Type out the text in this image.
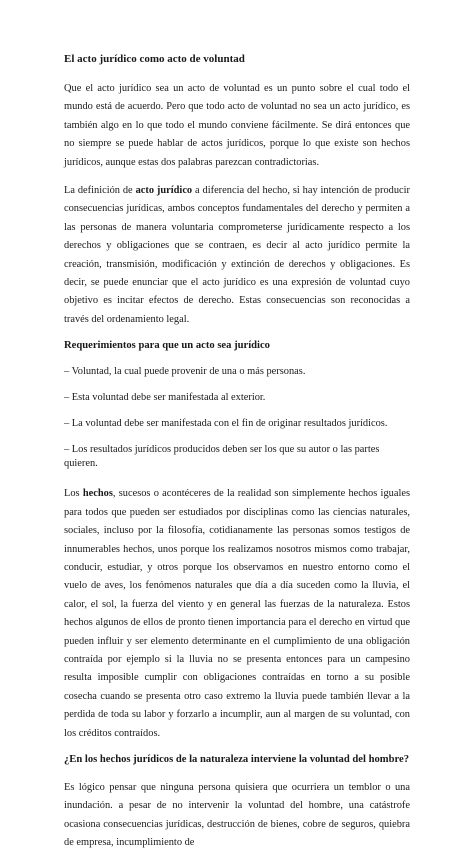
El acto jurídico como acto de voluntad
Que el acto jurídico sea un acto de voluntad es un punto sobre el cual todo el mundo está de acuerdo. Pero que todo acto de voluntad no sea un acto jurídico, es también algo en lo que todo el mundo conviene fácilmente. Se dirá entonces que no siempre se puede hablar de actos jurídicos, porque lo que existe son hechos jurídicos, aunque estas dos palabras parezcan contradictorias.
La definición de acto jurídico a diferencia del hecho, si hay intención de producir consecuencias jurídicas, ambos conceptos fundamentales del derecho y permiten a las personas de manera voluntaria comprometerse jurídicamente respecto a los derechos y obligaciones que se contraen, es decir al acto jurídico permite la creación, transmisión, modificación y extinción de derechos y obligaciones. Es decir, se puede enunciar que el acto jurídico es una expresión de voluntad cuyo objetivo es incitar efectos de derecho. Estas consecuencias son reconocidas a través del ordenamiento legal.
Requerimientos para que un acto sea jurídico
– Voluntad, la cual puede provenir de una o más personas.
– Esta voluntad debe ser manifestada al exterior.
– La voluntad debe ser manifestada con el fin de originar resultados jurídicos.
– Los resultados jurídicos producidos deben ser los que su autor o las partes quieren.
Los hechos, sucesos o acontéceres de la realidad son simplemente hechos iguales para todos que pueden ser estudiados por disciplinas como las ciencias naturales, sociales, incluso por la filosofía, cotidianamente las personas somos testigos de innumerables hechos, unos porque los realizamos nosotros mismos como trabajar, conducir, estudiar, y otros porque los observamos en nuestro entorno como el vuelo de aves, los fenómenos naturales que día a día suceden como la lluvia, el calor, el sol, la fuerza del viento y en general las fuerzas de la naturaleza. Estos hechos algunos de ellos de pronto tienen importancia para el derecho en virtud que pueden influir y ser elemento determinante en el cumplimiento de una obligación contraída por ejemplo si la lluvia no se presenta entonces para un campesino resulta imposible cumplir con obligaciones contraídas en torno a su posible cosecha cuando se presenta otro caso extremo la lluvia puede también llevar a la perdida de toda su labor y forzarlo a incumplir, aun al margen de su voluntad, con los créditos contraídos.
¿En los hechos jurídicos de la naturaleza interviene la voluntad del hombre?
Es lógico pensar que ninguna persona quisiera que ocurriera un temblor o una inundación. a pesar de no intervenir la voluntad del hombre, una catástrofe ocasiona consecuencias jurídicas, destrucción de bienes, cobre de seguros, quiebra de empresa, incumplimiento de
